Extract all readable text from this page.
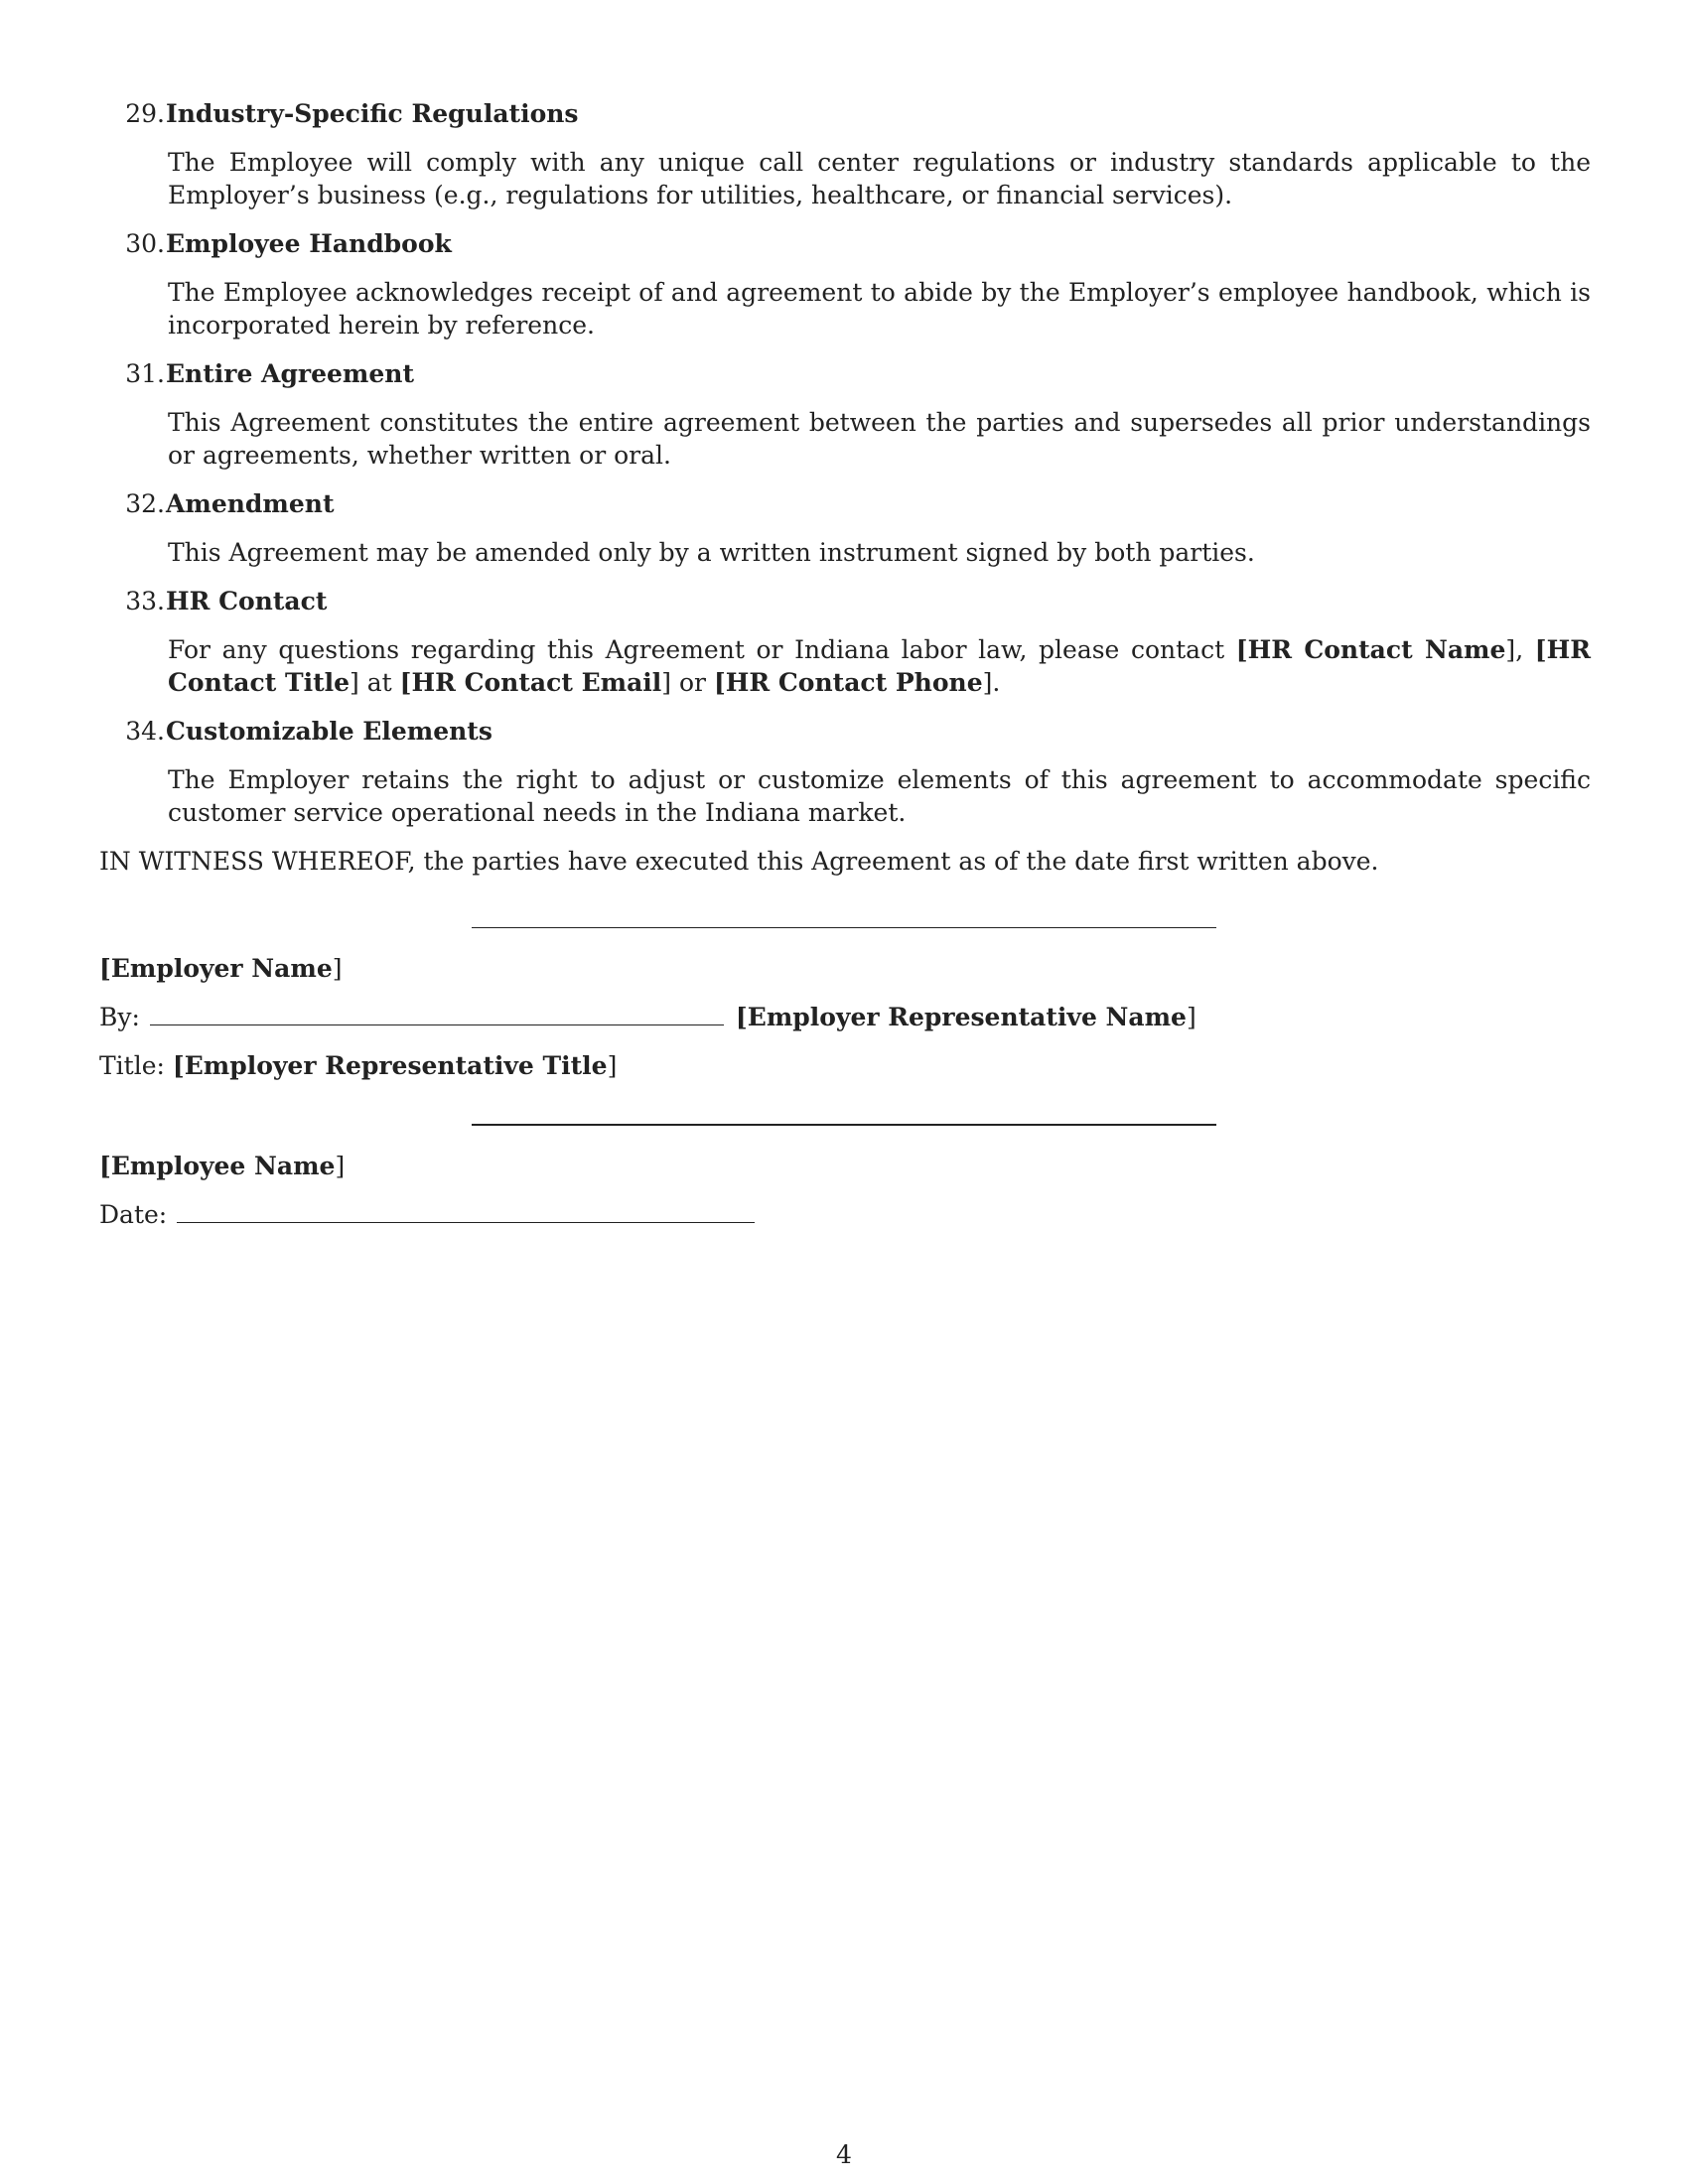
29 . Industry-Specific Regulations
The Employee will comply with any unique call center regulations or industry standards applicable to the Employer’s business (e.g., regulations for utilities, healthcare, or financial services).
30 . Employee Handbook
The Employee acknowledges receipt of and agreement to abide by the Employer’s employee handbook, which is incorporated herein by reference.
31 . Entire Agreement
This Agreement constitutes the entire agreement between the parties and supersedes all prior understandings or agreements, whether written or oral.
32 . Amendment
This Agreement may be amended only by a written instrument signed by both parties.
33 . HR Contact
For any questions regarding this Agreement or Indiana labor law, please contact [HR Contact Name], [HR Contact Title] at [HR Contact Email] or [HR Contact Phone].
34 . Customizable Elements
The Employer retains the right to adjust or customize elements of this agreement to accommodate specific customer service operational needs in the Indiana market.
IN WITNESS WHEREOF, the parties have executed this Agreement as of the date first written above.
[Employer Name]
By:	[Employer Representative Name]
Title: [Employer Representative Title]
[Employee Name]
Date:
4
